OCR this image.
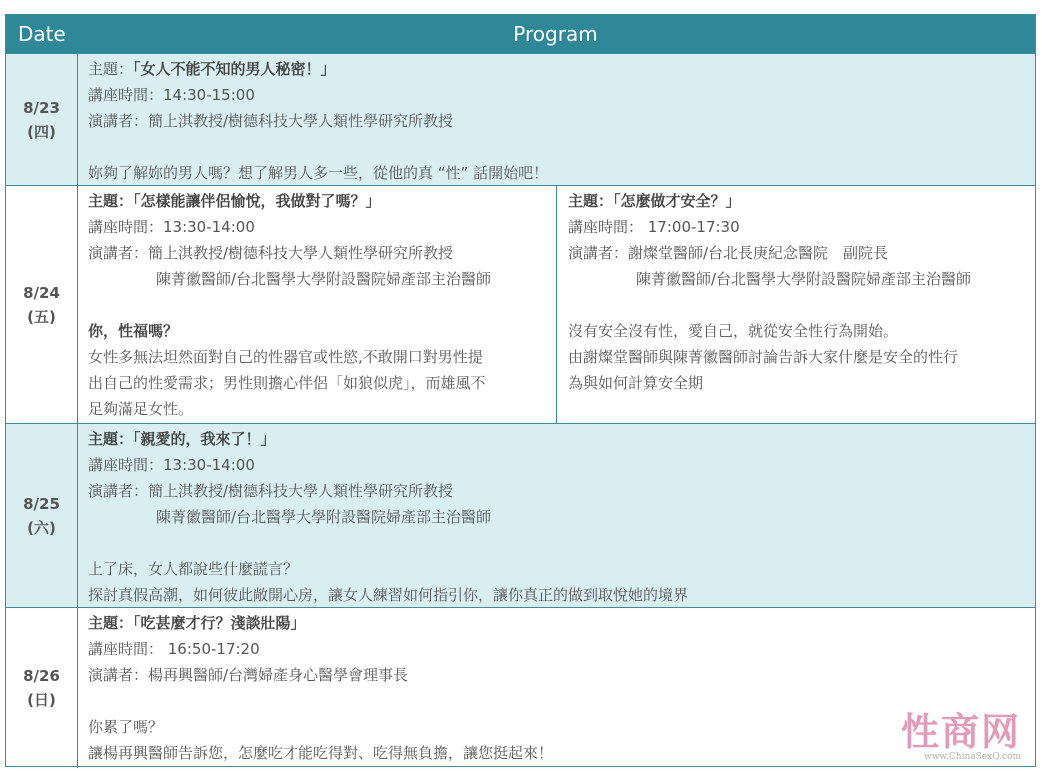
Date	Program
8/23
(四)
主題：「女人不能不知的男人秘密！」
講座時間：14:30-15:00
演講者：簡上淇教授/樹德科技大學人類性學研究所教授
妳夠了解妳的男人嗎？想了解男人多一些，從他的真 “性” 話開始吧！
8/24
(五)
主題：「怎樣能讓伴侶愉悅，我做對了嗎？」
講座時間：13:30-14:00
演講者：簡上淇教授/樹德科技大學人類性學研究所教授
陳菁徽醫師/台北醫學大學附設醫院婦產部主治醫師
你，性福嗎？
女性多無法坦然面對自己的性器官或性慾,不敢開口對男性提
出自己的性愛需求；男性則擔心伴侶「如狼似虎」，而雄風不
足夠滿足女性。
主題：「怎麼做才安全？」
講座時間： 17:00-17:30
演講者：謝燦堂醫師/台北長庚紀念醫院　副院長
陳菁徽醫師/台北醫學大學附設醫院婦產部主治醫師
沒有安全沒有性，愛自己，就從安全性行為開始。
由謝燦堂醫師與陳菁徽醫師討論告訴大家什麼是安全的性行
為與如何計算安全期
8/25
(六)
主題：「親愛的，我來了！」
講座時間：13:30-14:00
演講者：簡上淇教授/樹德科技大學人類性學研究所教授
陳菁徽醫師/台北醫學大學附設醫院婦產部主治醫師
上了床，女人都說些什麼謊言？
探討真假高潮，如何彼此敞開心房，讓女人練習如何指引你，讓你真正的做到取悅她的境界
8/26
(日)
主題：「吃甚麼才行？淺談壯陽」
講座時間： 16:50-17:20
演講者：楊再興醫師/台灣婦產身心醫學會理事長
你累了嗎？
讓楊再興醫師告訴您，怎麼吃才能吃得對、吃得無負擔，讓您挺起來！	性商网
www.ChinaSexQ.com
